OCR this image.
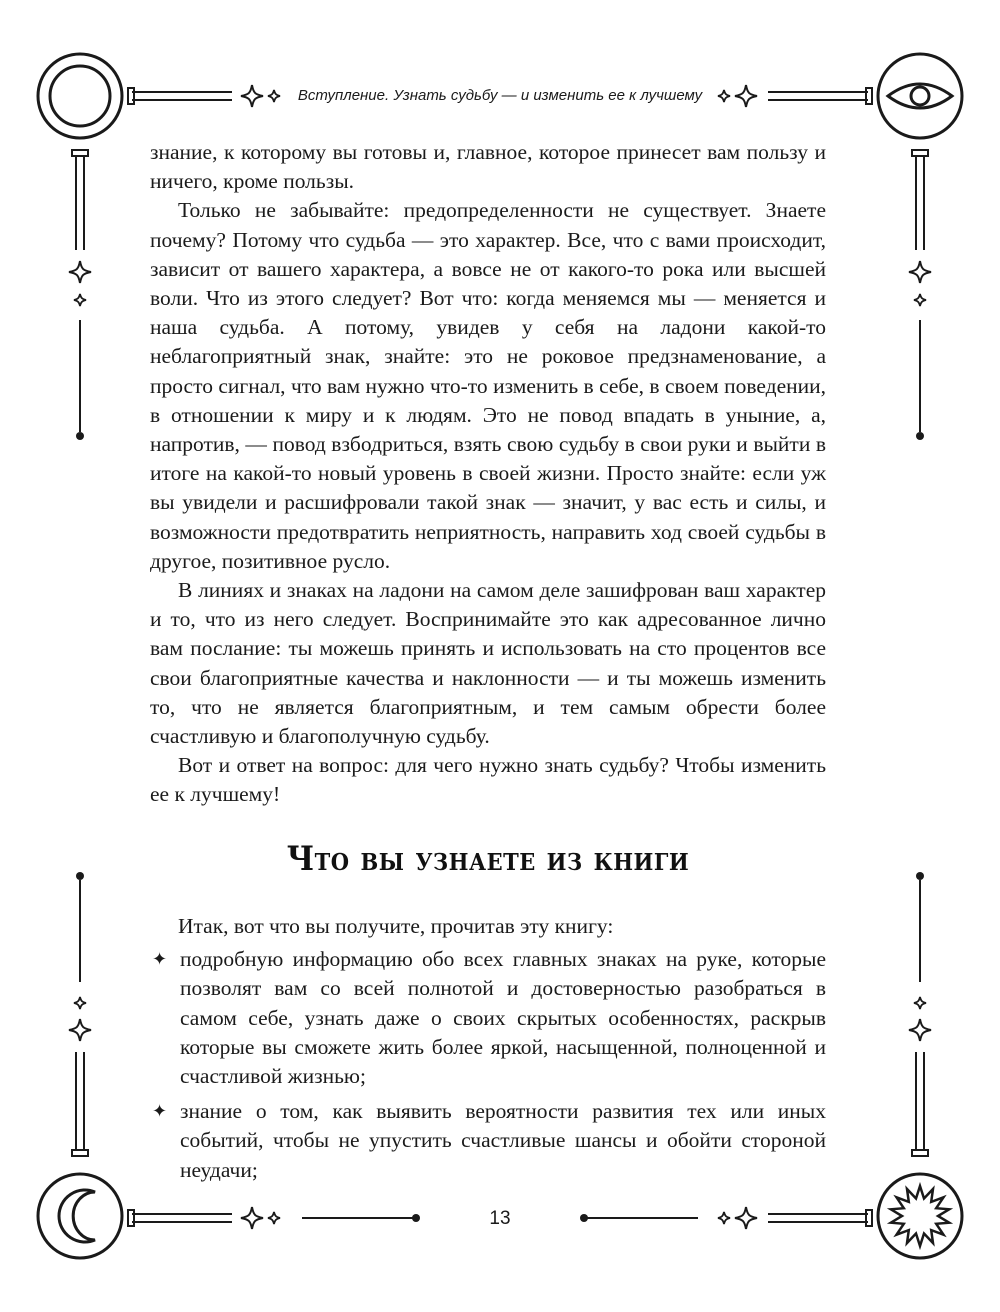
Вступление. Узнать судьбу — и изменить ее к лучшему

знание, к которому вы готовы и, главное, которое принесет вам пользу и ничего, кроме пользы.

Только не забывайте: предопределенности не существует. Знаете почему? Потому что судьба — это характер. Все, что с вами происходит, зависит от вашего характера, а вовсе не от какого-то рока или высшей воли. Что из этого следует? Вот что: когда меняемся мы — меняется и наша судьба. А потому, увидев у себя на ладони какой-то неблагоприятный знак, знайте: это не роковое предзнаменование, а просто сигнал, что вам нужно что-то изменить в себе, в своем поведении, в отношении к миру и к людям. Это не повод впадать в уныние, а, напротив, — повод взбодриться, взять свою судьбу в свои руки и выйти в итоге на какой-то новый уровень в своей жизни. Просто знайте: если уж вы увидели и расшифровали такой знак — значит, у вас есть и силы, и возможности предотвратить неприятность, направить ход своей судьбы в другое, позитивное русло.

В линиях и знаках на ладони на самом деле зашифрован ваш характер и то, что из него следует. Воспринимайте это как адресованное лично вам послание: ты можешь принять и использовать на сто процентов все свои благоприятные качества и наклонности — и ты можешь изменить то, что не является благоприятным, и тем самым обрести более счастливую и благополучную судьбу.

Вот и ответ на вопрос: для чего нужно знать судьбу? Чтобы изменить ее к лучшему!

Что вы узнаете из книги

Итак, вот что вы получите, прочитав эту книгу:

✦ подробную информацию обо всех главных знаках на руке, которые позволят вам со всей полнотой и достоверностью разобраться в самом себе, узнать даже о своих скрытых особенностях, раскрыв которые вы сможете жить более яркой, насыщенной, полноценной и счастливой жизнью;
✦ знание о том, как выявить вероятности развития тех или иных событий, чтобы не упустить счастливые шансы и обойти стороной неудачи;
13
